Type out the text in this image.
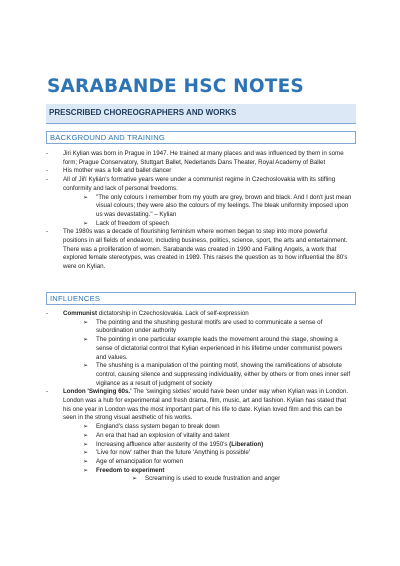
SARABANDE HSC NOTES
PRESCRIBED CHOREOGRAPHERS AND WORKS
BACKGROUND AND TRAINING
-	Jiri Kylian was born in Prague in 1947. He trained at many places and was influenced by them in some form; Prague Conservatory, Stuttgart Ballet, Nederlands Dans Theater, Royal Academy of Ballet
-	His mother was a folk and ballet dancer
-	All of Jiří Kylián's formative years were under a communist regime in Czechoslovakia with its stifling conformity and lack of personal freedoms.
➢	"The only colours I remember from my youth are grey, brown and black. And I don't just mean visual colours; they were also the colours of my feelings. The bleak uniformity imposed upon us was devastating." – Kylian
➢	Lack of freedom of speech
-	The 1980s was a decade of flourishing feminism where women began to step into more powerful positions in all fields of endeavor, including business, politics, science, sport, the arts and entertainment. There was a proliferation of women. Sarabande was created in 1990 and Falling Angels, a work that explored female stereotypes, was created in 1989. This raises the question as to how influential the 80's were on Kylian.
INFLUENCES
-	Communist dictatorship in Czechoslovakia. Lack of self-expression
➢	The pointing and the shushing gestural motifs are used to communicate a sense of subordination under authority
➢	The pointing in one particular example leads the movement around the stage, showing a sense of dictatorial control that Kylian experienced in his lifetime under communist powers and values.
➢	The shushing is a manipulation of the pointing motif, showing the ramifications of absolute control, causing silence and suppressing individuality, either by others or from ones inner self vigilance as a result of judgment of society
-	London 'Swinging 60s.' The 'swinging sixties' would have been under way when Kylian was in London. London was a hub for experimental and fresh drama, film, music, art and fashion. Kylian has stated that his one year in London was the most important part of his life to date. Kylian loved film and this can be seen in the strong visual aesthetic of his works.
➢	England's class system began to break down
➢	An era that had an explosion of vitality and talent
➢	Increasing affluence after austerity of the 1950's (Liberation)
➢	'Live for now' rather than the future 'Anything is possible'
➢	Age of emancipation for women
➢	Freedom to experiment
➢	Screaming is used to exude frustration and anger
